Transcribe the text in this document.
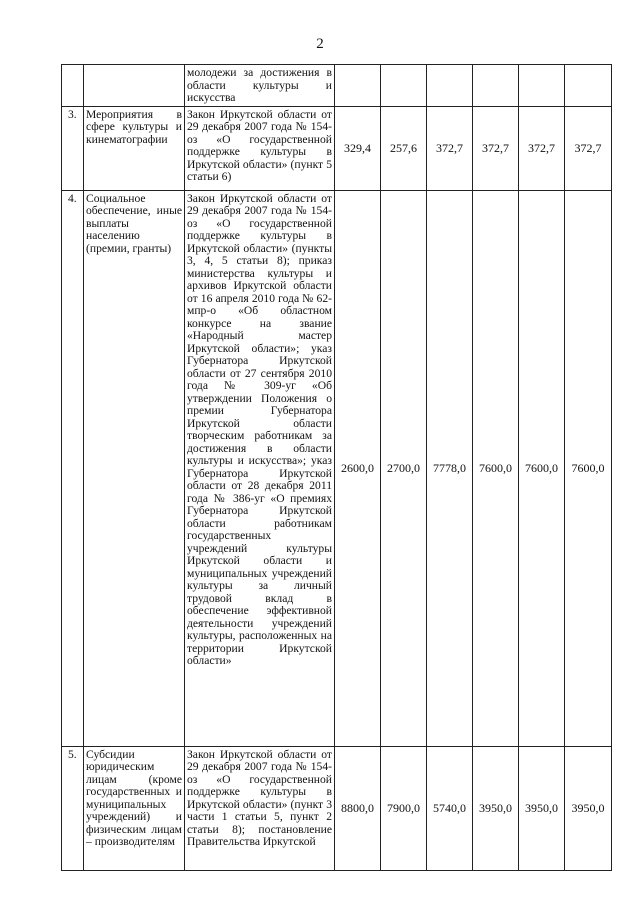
2
		молодежи за достижения в области культуры и искусства						
3.	Мероприятия в сфере культуры и кинематографии	Закон Иркутской области от 29 декабря 2007 года № 154-оз «О государственной поддержке культуры в Иркутской области» (пункт 5 статьи 6)	329,4	257,6	372,7	372,7	372,7	372,7
4.	Социальное обеспечение, иные выплаты населению (премии, гранты)	Закон Иркутской области от 29 декабря 2007 года № 154-оз «О государственной поддержке культуры в Иркутской области» (пункты 3, 4, 5 статьи 8); приказ министерства культуры и архивов Иркутской области от 16 апреля 2010 года № 62-мпр-о «Об областном конкурсе на звание «Народный мастер Иркутской области»; указ Губернатора Иркутской области от 27 сентября 2010 года № 309-уг «Об утверждении Положения о премии Губернатора Иркутской области творческим работникам за достижения в области культуры и искусства»; указ Губернатора Иркутской области от 28 декабря 2011 года № 386-уг «О премиях Губернатора Иркутской области работникам государственных учреждений культуры Иркутской области и муниципальных учреждений культуры за личный трудовой вклад в обеспечение эффективной деятельности учреждений культуры, расположенных на территории Иркутской области»	2600,0	2700,0	7778,0	7600,0	7600,0	7600,0
5.	Субсидии юридическим лицам (кроме государственных и муниципальных учреждений) и физическим лицам – производителям	Закон Иркутской области от 29 декабря 2007 года № 154-оз «О государственной поддержке культуры в Иркутской области» (пункт 3 части 1 статьи 5, пункт 2 статьи 8); постановление Правительства Иркутской	8800,0	7900,0	5740,0	3950,0	3950,0	3950,0
